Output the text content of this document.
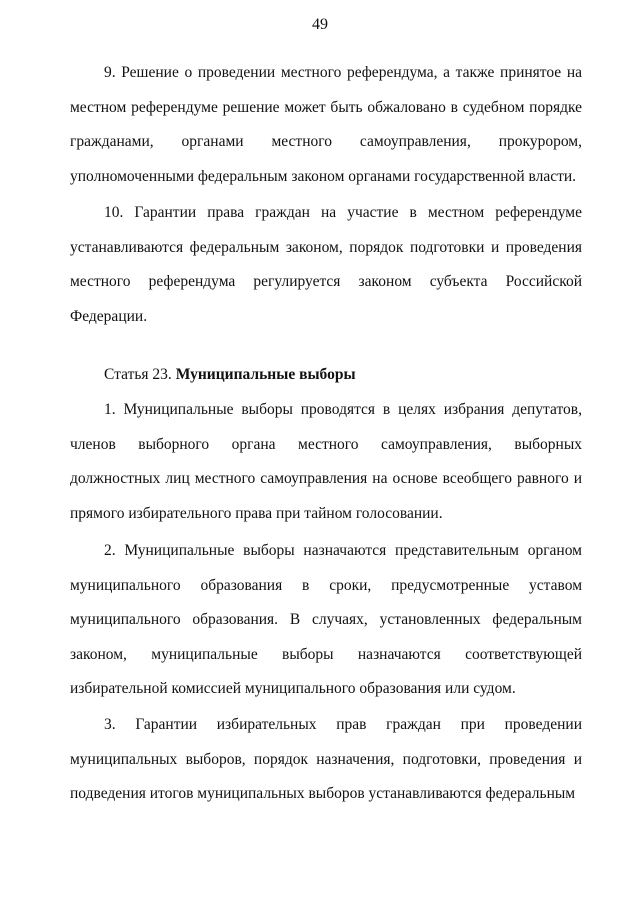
49
9. Решение о проведении местного референдума, а также принятое на местном референдуме решение может быть обжаловано в судебном порядке гражданами, органами местного самоуправления, прокурором, уполномоченными федеральным законом органами государственной власти.
10. Гарантии права граждан на участие в местном референдуме устанавливаются федеральным законом, порядок подготовки и проведения местного референдума регулируется законом субъекта Российской Федерации.
Статья 23. Муниципальные выборы
1. Муниципальные выборы проводятся в целях избрания депутатов, членов выборного органа местного самоуправления, выборных должностных лиц местного самоуправления на основе всеобщего равного и прямого избирательного права при тайном голосовании.
2. Муниципальные выборы назначаются представительным органом муниципального образования в сроки, предусмотренные уставом муниципального образования. В случаях, установленных федеральным законом, муниципальные выборы назначаются соответствующей избирательной комиссией муниципального образования или судом.
3. Гарантии избирательных прав граждан при проведении муниципальных выборов, порядок назначения, подготовки, проведения и подведения итогов муниципальных выборов устанавливаются федеральным
